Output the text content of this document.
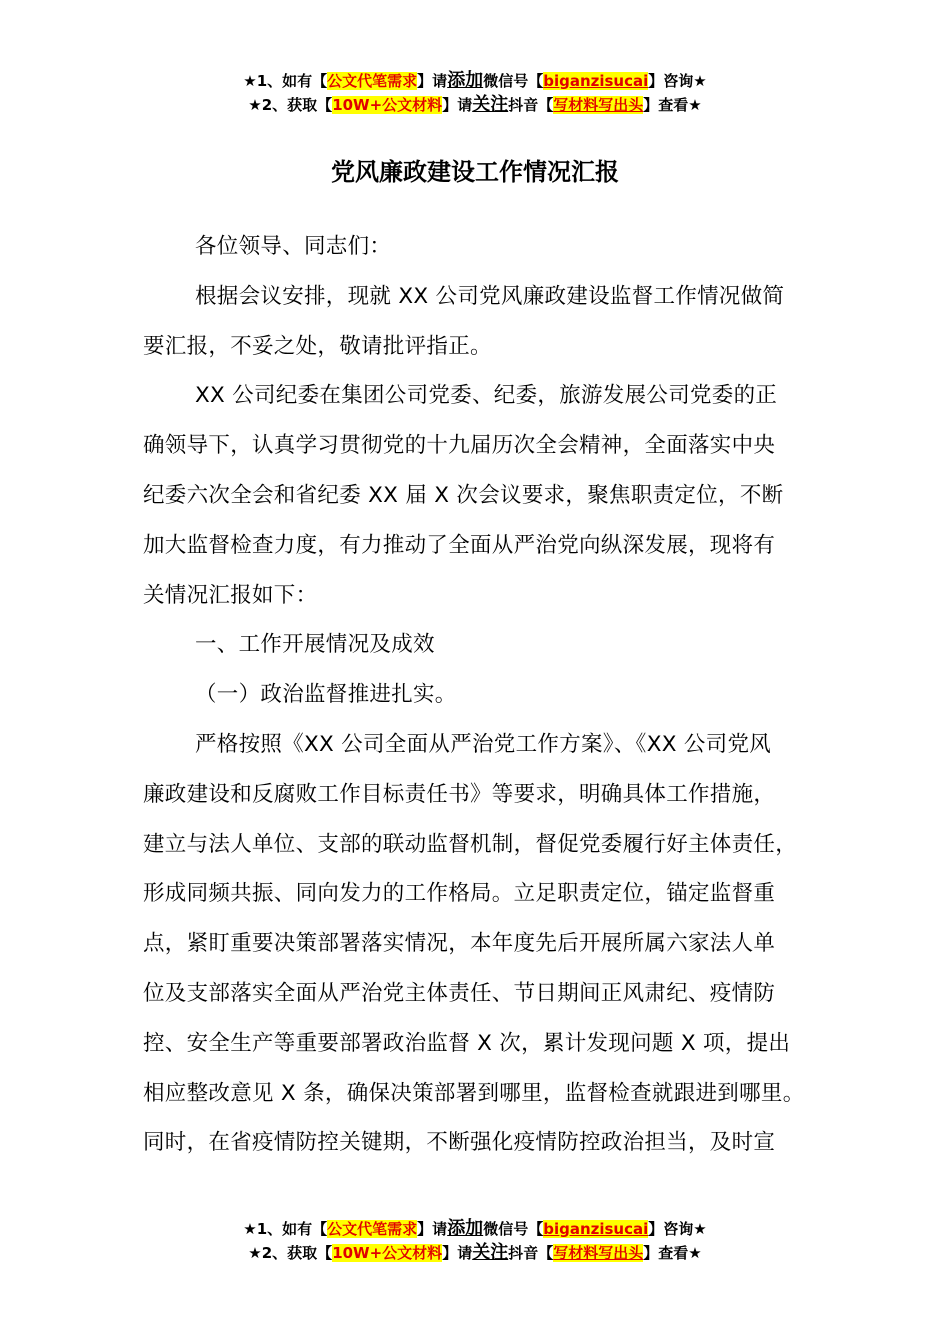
★1、如有【公文代笔需求】请添加微信号【biganzisucai】咨询★
★2、获取【10W+公文材料】请关注抖音【写材料写出头】查看★
党风廉政建设工作情况汇报
各位领导、同志们：
根据会议安排，现就 XX 公司党风廉政建设监督工作情况做简
要汇报，不妥之处，敬请批评指正。
XX 公司纪委在集团公司党委、纪委，旅游发展公司党委的正
确领导下，认真学习贯彻党的十九届历次全会精神，全面落实中央
纪委六次全会和省纪委 XX 届 X 次会议要求，聚焦职责定位，不断
加大监督检查力度，有力推动了全面从严治党向纵深发展，现将有
关情况汇报如下：
一、工作开展情况及成效
（一）政治监督推进扎实。
严格按照《XX 公司全面从严治党工作方案》、《XX 公司党风
廉政建设和反腐败工作目标责任书》等要求，明确具体工作措施，
建立与法人单位、支部的联动监督机制，督促党委履行好主体责任，
形成同频共振、同向发力的工作格局。立足职责定位，锚定监督重
点，紧盯重要决策部署落实情况，本年度先后开展所属六家法人单
位及支部落实全面从严治党主体责任、节日期间正风肃纪、疫情防
控、安全生产等重要部署政治监督 X 次，累计发现问题 X 项，提出
相应整改意见 X 条，确保决策部署到哪里，监督检查就跟进到哪里。
同时，在省疫情防控关键期，不断强化疫情防控政治担当，及时宣
★1、如有【公文代笔需求】请添加微信号【biganzisucai】咨询★
★2、获取【10W+公文材料】请关注抖音【写材料写出头】查看★
